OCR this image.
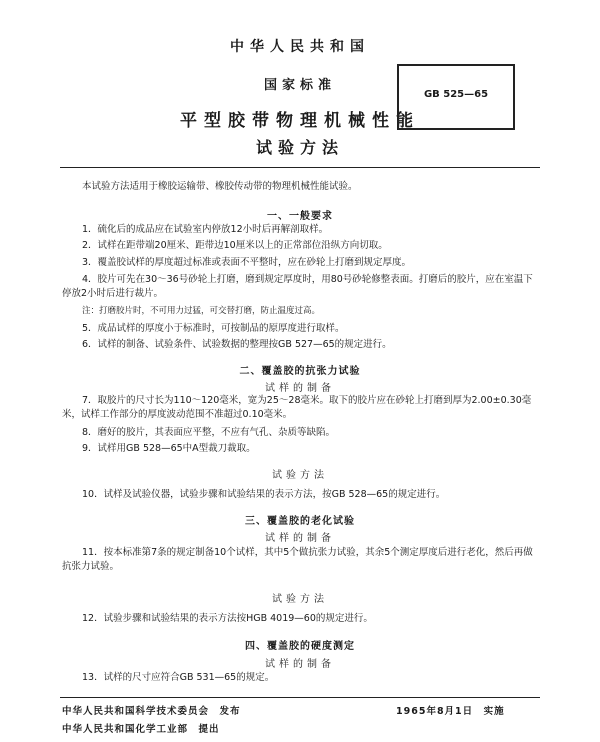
中华人民共和国
国家标准
平型胶带物理机械性能
试验方法
GB 525—65
本试验方法适用于橡胶运输带、橡胶传动带的物理机械性能试验。
一、一般要求
1．硫化后的成品应在试验室内停放12小时后再解剖取样。
2．试样在距带端20厘米、距带边10厘米以上的正常部位沿纵方向切取。
3．覆盖胶试样的厚度超过标准或表面不平整时，应在砂轮上打磨到规定厚度。
4．胶片可先在30～36号砂轮上打磨，磨到规定厚度时，用80号砂轮修整表面。打磨后的胶片，应在室温下停放2小时后进行裁片。
注：打磨胶片时，不可用力过猛，可交替打磨，防止温度过高。
5．成品试样的厚度小于标准时，可按制品的原厚度进行取样。
6．试样的制备、试验条件、试验数据的整理按GB 527—65的规定进行。
二、覆盖胶的抗张力试验
试样的制备
7．取胶片的尺寸长为110～120毫米，宽为25～28毫米。取下的胶片应在砂轮上打磨到厚为2.00±0.30毫米，试样工作部分的厚度波动范围不准超过0.10毫米。
8．磨好的胶片，其表面应平整，不应有气孔、杂质等缺陷。
9．试样用GB 528—65中A型裁刀裁取。
试验方法
10．试样及试验仪器，试验步骤和试验结果的表示方法，按GB 528—65的规定进行。
三、覆盖胶的老化试验
试样的制备
11．按本标准第7条的规定制备10个试样，其中5个做抗张力试验，其余5个测定厚度后进行老化，然后再做抗张力试验。
试验方法
12．试验步骤和试验结果的表示方法按HGB 4019—60的规定进行。
四、覆盖胶的硬度测定
试样的制备
13．试样的尺寸应符合GB 531—65的规定。
中华人民共和国科学技术委员会　发布
中华人民共和国化学工业部　提出
1965年8月1日　实施
